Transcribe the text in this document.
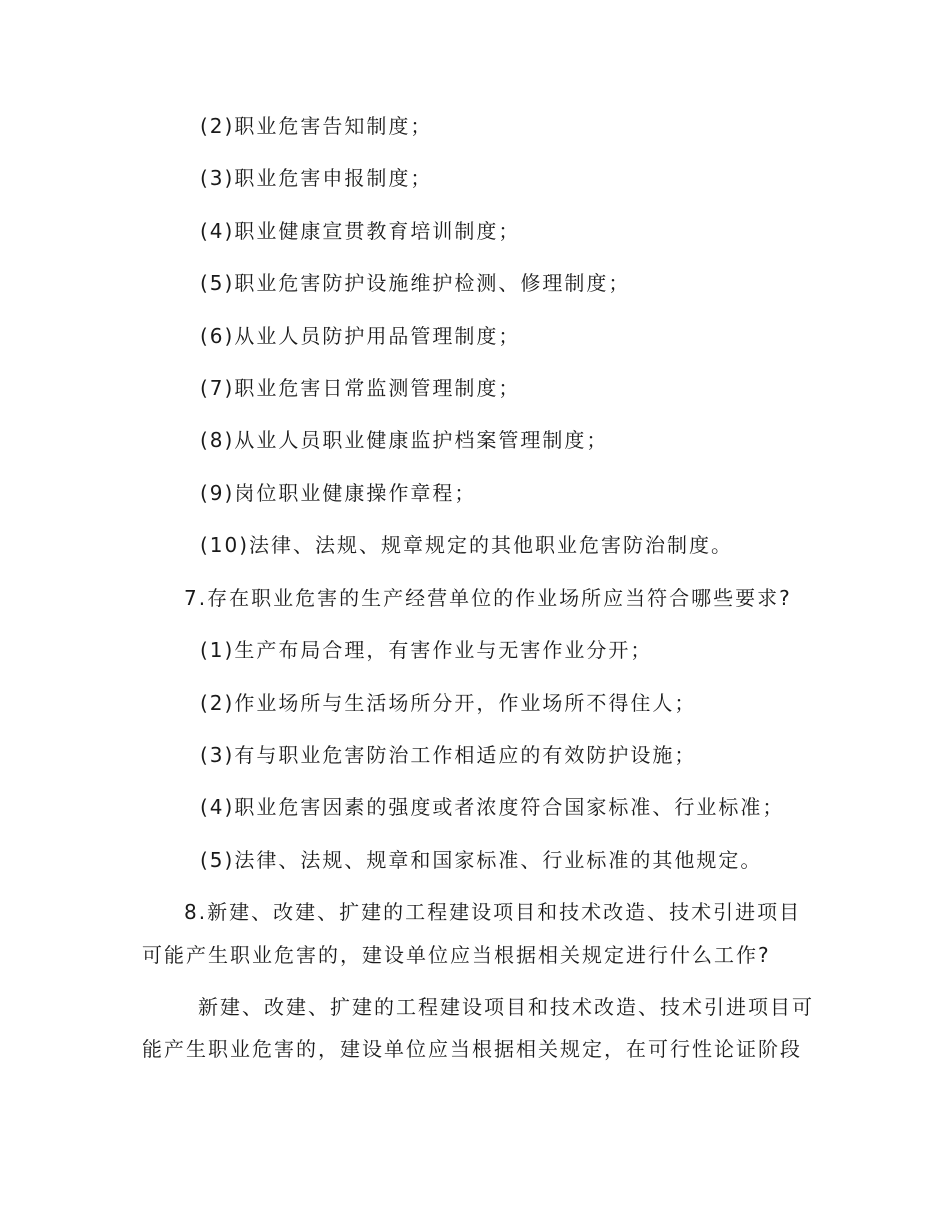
(2)职业危害告知制度；
(3)职业危害申报制度；
(4)职业健康宣贯教育培训制度；
(5)职业危害防护设施维护检测、修理制度；
(6)从业人员防护用品管理制度；
(7)职业危害日常监测管理制度；
(8)从业人员职业健康监护档案管理制度；
(9)岗位职业健康操作章程；
(10)法律、法规、规章规定的其他职业危害防治制度。
7.存在职业危害的生产经营单位的作业场所应当符合哪些要求?
(1)生产布局合理，有害作业与无害作业分开；
(2)作业场所与生活场所分开，作业场所不得住人；
(3)有与职业危害防治工作相适应的有效防护设施；
(4)职业危害因素的强度或者浓度符合国家标准、行业标准；
(5)法律、法规、规章和国家标准、行业标准的其他规定。
8.新建、改建、扩建的工程建设项目和技术改造、技术引进项目
可能产生职业危害的，建设单位应当根据相关规定进行什么工作?
新建、改建、扩建的工程建设项目和技术改造、技术引进项目可
能产生职业危害的，建设单位应当根据相关规定，在可行性论证阶段
